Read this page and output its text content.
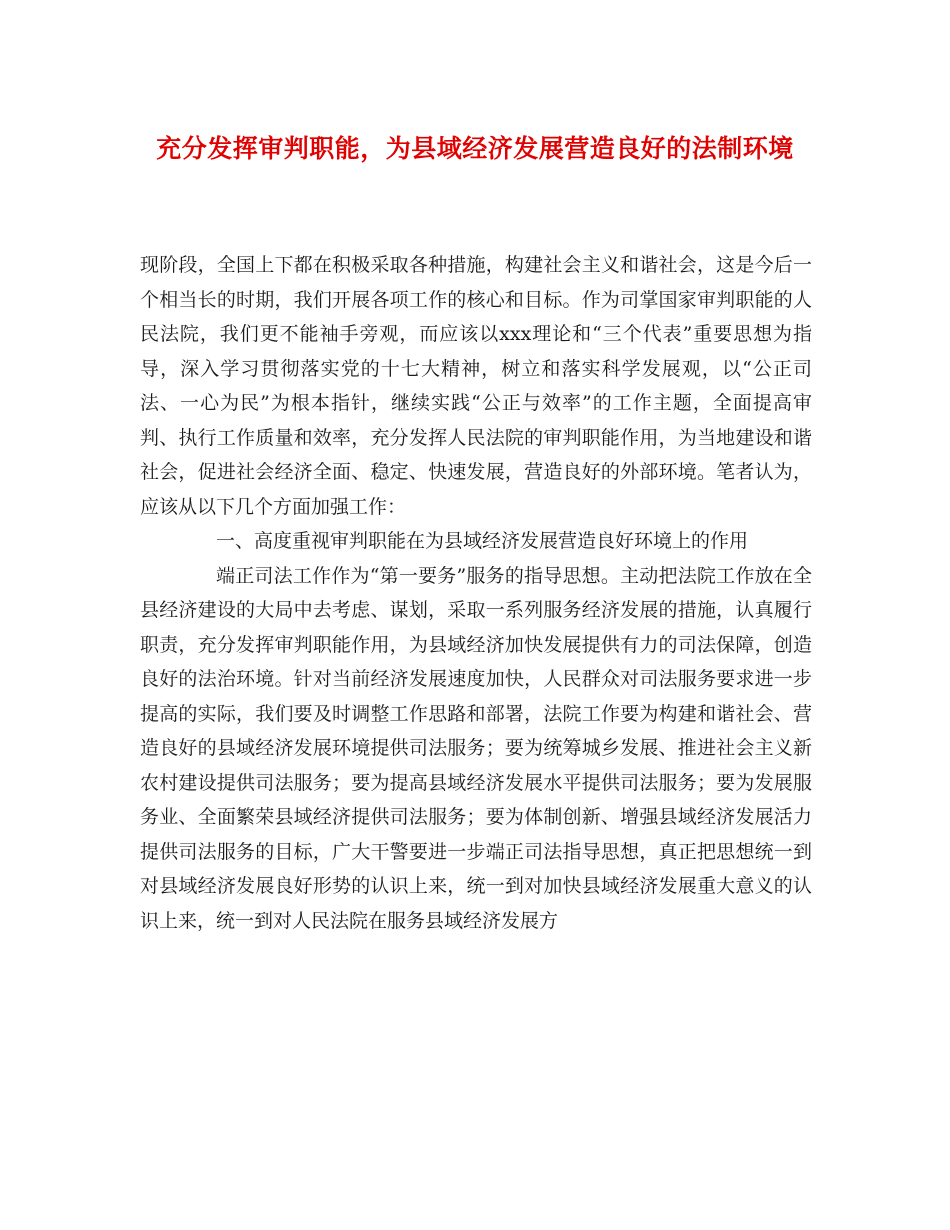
充分发挥审判职能，为县域经济发展营造良好的法制环境

现阶段，全国上下都在积极采取各种措施，构建社会主义和谐社会，这是今后一个相当长的时期，我们开展各项工作的核心和目标。作为司掌国家审判职能的人民法院，我们更不能袖手旁观，而应该以xxx理论和“三个代表”重要思想为指导，深入学习贯彻落实党的十七大精神，树立和落实科学发展观，以“公正司法、一心为民”为根本指针，继续实践“公正与效率”的工作主题，全面提高审判、执行工作质量和效率，充分发挥人民法院的审判职能作用，为当地建设和谐社会，促进社会经济全面、稳定、快速发展，营造良好的外部环境。笔者认为，应该从以下几个方面加强工作：

一、高度重视审判职能在为县域经济发展营造良好环境上的作用

端正司法工作作为“第一要务”服务的指导思想。主动把法院工作放在全县经济建设的大局中去考虑、谋划，采取一系列服务经济发展的措施，认真履行职责，充分发挥审判职能作用，为县域经济加快发展提供有力的司法保障，创造良好的法治环境。针对当前经济发展速度加快，人民群众对司法服务要求进一步提高的实际，我们要及时调整工作思路和部署，法院工作要为构建和谐社会、营造良好的县域经济发展环境提供司法服务；要为统筹城乡发展、推进社会主义新农村建设提供司法服务；要为提高县域经济发展水平提供司法服务；要为发展服务业、全面繁荣县域经济提供司法服务；要为体制创新、增强县域经济发展活力提供司法服务的目标，广大干警要进一步端正司法指导思想，真正把思想统一到对县域经济发展良好形势的认识上来，统一到对加快县域经济发展重大意义的认识上来，统一到对人民法院在服务县域经济发展方
